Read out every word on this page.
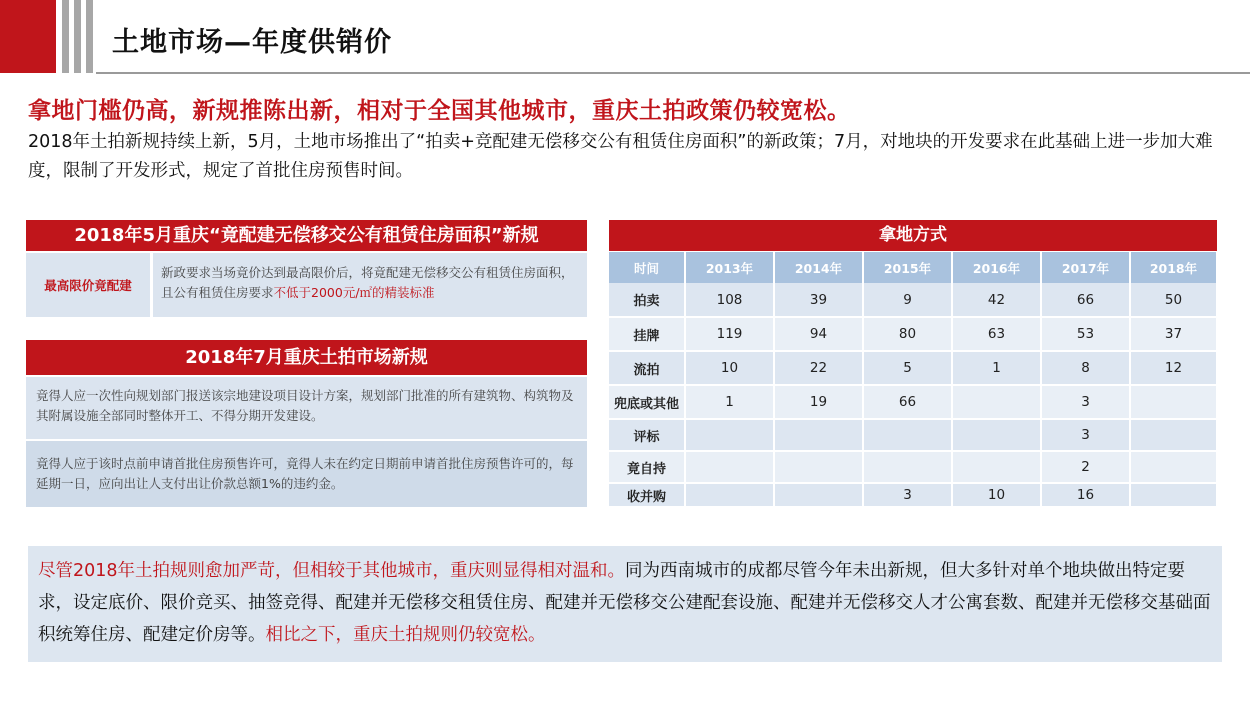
土地市场—年度供销价
拿地门槛仍高，新规推陈出新，相对于全国其他城市，重庆土拍政策仍较宽松。
2018年土拍新规持续上新，5月，土地市场推出了“拍卖+竞配建无偿移交公有租赁住房面积”的新政策；7月，对地块的开发要求在此基础上进一步加大难度，限制了开发形式，规定了首批住房预售时间。
2018年5月重庆“竟配建无偿移交公有租赁住房面积”新规
最高限价竟配建
新政要求当场竟价达到最高限价后，将竟配建无偿移交公有租赁住房面积，且公有租赁住房要求不低于2000元/㎡的精装标准
2018年7月重庆土拍市场新规
竟得人应一次性向规划部门报送该宗地建设项目设计方案，规划部门批准的所有建筑物、构筑物及其附属设施全部同时整体开工、不得分期开发建设。
竟得人应于该时点前申请首批住房预售许可，竟得人未在约定日期前申请首批住房预售许可的，每延期一日，应向出让人支付出让价款总额1%的违约金。
拿地方式
时间	2013年	2014年	2015年	2016年	2017年	2018年
拍卖	108	39	9	42	66	50
挂牌	119	94	80	63	53	37
流拍	10	22	5	1	8	12
兜底或其他	1	19	66		3	
评标					3	
竟自持					2	
收并购			3	10	16	
尽管2018年土拍规则愈加严苛，但相较于其他城市，重庆则显得相对温和。同为西南城市的成都尽管今年未出新规，但大多针对单个地块做出特定要求，设定底价、限价竞买、抽签竞得、配建并无偿移交租赁住房、配建并无偿移交公建配套设施、配建并无偿移交人才公寓套数、配建并无偿移交基础面积统筹住房、配建定价房等。相比之下，重庆土拍规则仍较宽松。
